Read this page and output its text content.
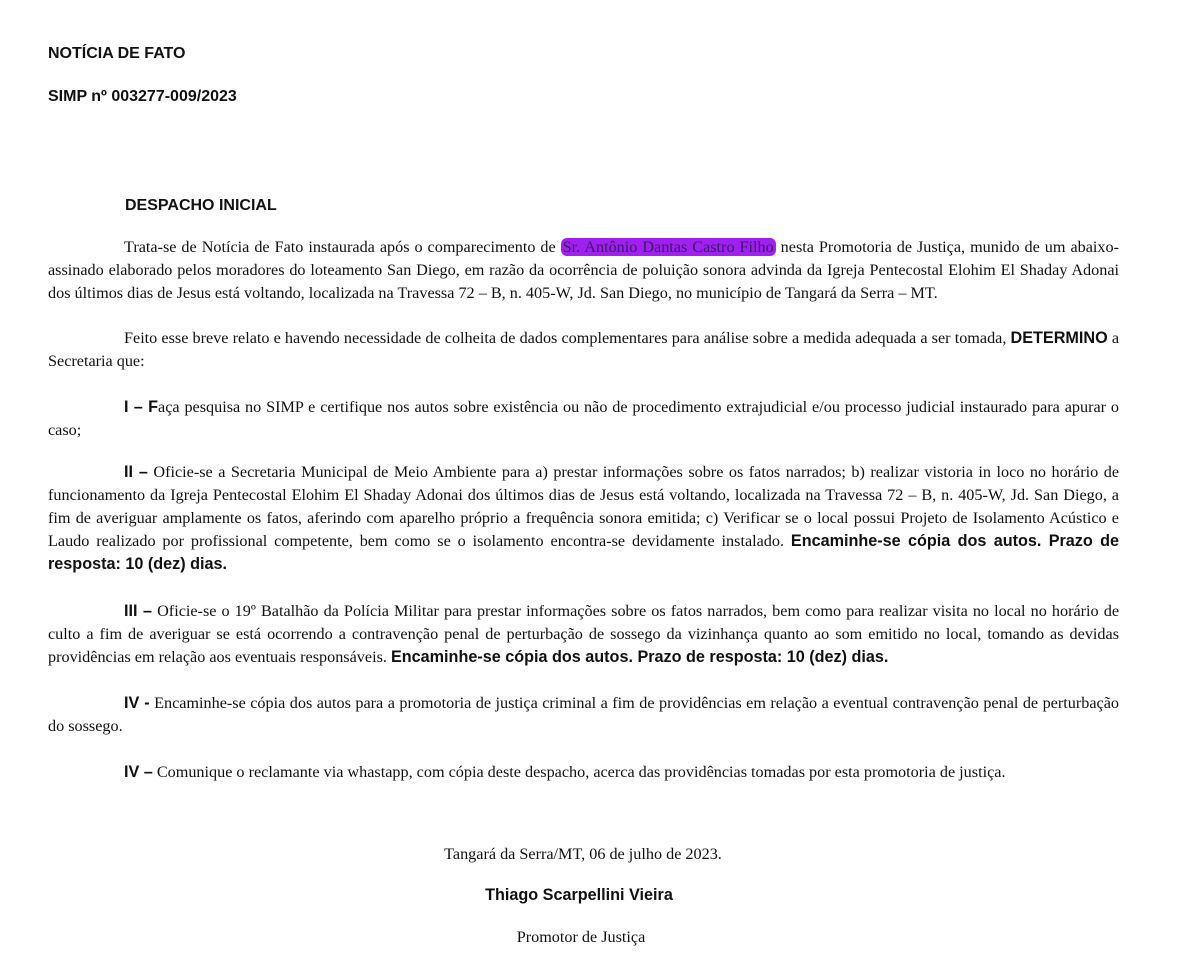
NOTÍCIA DE FATO
SIMP nº 003277-009/2023
DESPACHO INICIAL

Trata-se de Notícia de Fato instaurada após o comparecimento de Sr. Antônio Dantas Castro Filho nesta Promotoria de Justiça, munido de um abaixo-assinado elaborado pelos moradores do loteamento San Diego, em razão da ocorrência de poluição sonora advinda da Igreja Pentecostal Elohim El Shaday Adonai dos últimos dias de Jesus está voltando, localizada na Travessa 72 – B, n. 405-W, Jd. San Diego, no município de Tangará da Serra – MT.

Feito esse breve relato e havendo necessidade de colheita de dados complementares para análise sobre a medida adequada a ser tomada, DETERMINO a Secretaria que:

I – Faça pesquisa no SIMP e certifique nos autos sobre existência ou não de procedimento extrajudicial e/ou processo judicial instaurado para apurar o caso;

II – Oficie-se a Secretaria Municipal de Meio Ambiente para a) prestar informações sobre os fatos narrados; b) realizar vistoria in loco no horário de funcionamento da Igreja Pentecostal Elohim El Shaday Adonai dos últimos dias de Jesus está voltando, localizada na Travessa 72 – B, n. 405-W, Jd. San Diego, a fim de averiguar amplamente os fatos, aferindo com aparelho próprio a frequência sonora emitida; c) Verificar se o local possui Projeto de Isolamento Acústico e Laudo realizado por profissional competente, bem como se o isolamento encontra-se devidamente instalado. Encaminhe-se cópia dos autos. Prazo de resposta: 10 (dez) dias.

III – Oficie-se o 19º Batalhão da Polícia Militar para prestar informações sobre os fatos narrados, bem como para realizar visita no local no horário de culto a fim de averiguar se está ocorrendo a contravenção penal de perturbação de sossego da vizinhança quanto ao som emitido no local, tomando as devidas providências em relação aos eventuais responsáveis. Encaminhe-se cópia dos autos. Prazo de resposta: 10 (dez) dias.

IV - Encaminhe-se cópia dos autos para a promotoria de justiça criminal a fim de providências em relação a eventual contravenção penal de perturbação do sossego.

IV – Comunique o reclamante via whastapp, com cópia deste despacho, acerca das providências tomadas por esta promotoria de justiça.

Tangará da Serra/MT, 06 de julho de 2023.
Thiago Scarpellini Vieira
Promotor de Justiça
